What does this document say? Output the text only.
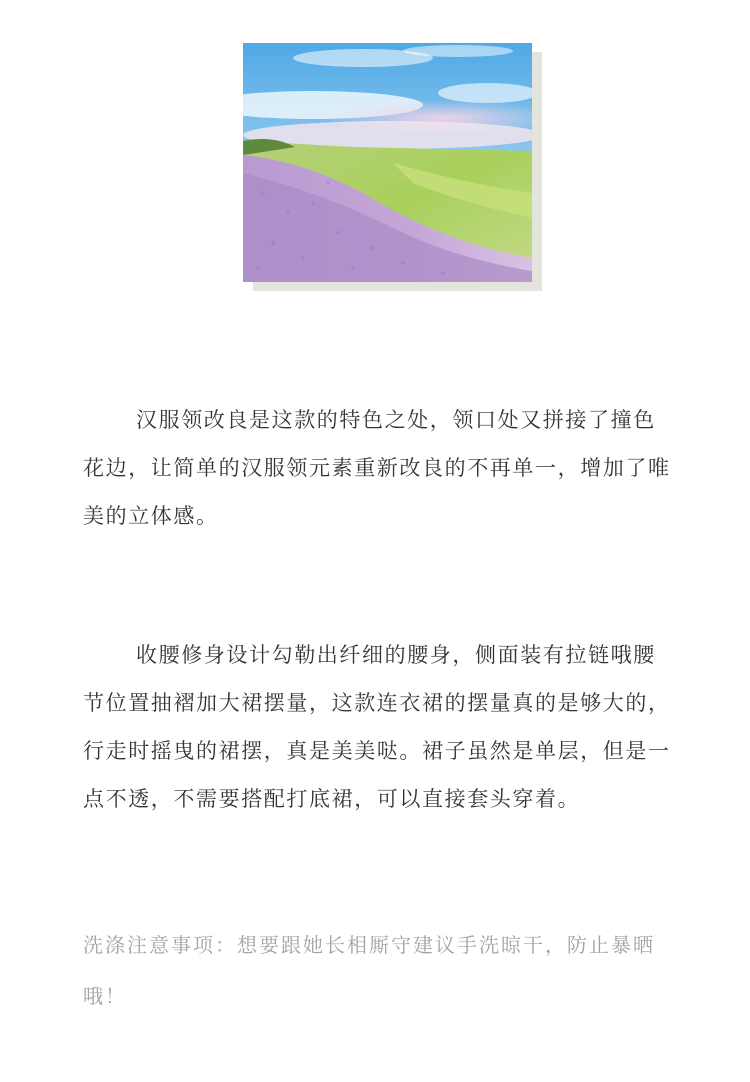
汉服领改良是这款的特色之处，领口处又拼接了撞色花边，让简单的汉服领元素重新改良的不再单一，增加了唯美的立体感。

收腰修身设计勾勒出纤细的腰身，侧面装有拉链哦腰节位置抽褶加大裙摆量，这款连衣裙的摆量真的是够大的，行走时摇曳的裙摆，真是美美哒。裙子虽然是单层，但是一点不透，不需要搭配打底裙，可以直接套头穿着。

洗涤注意事项：想要跟她长相厮守建议手洗晾干，防止暴晒哦！
